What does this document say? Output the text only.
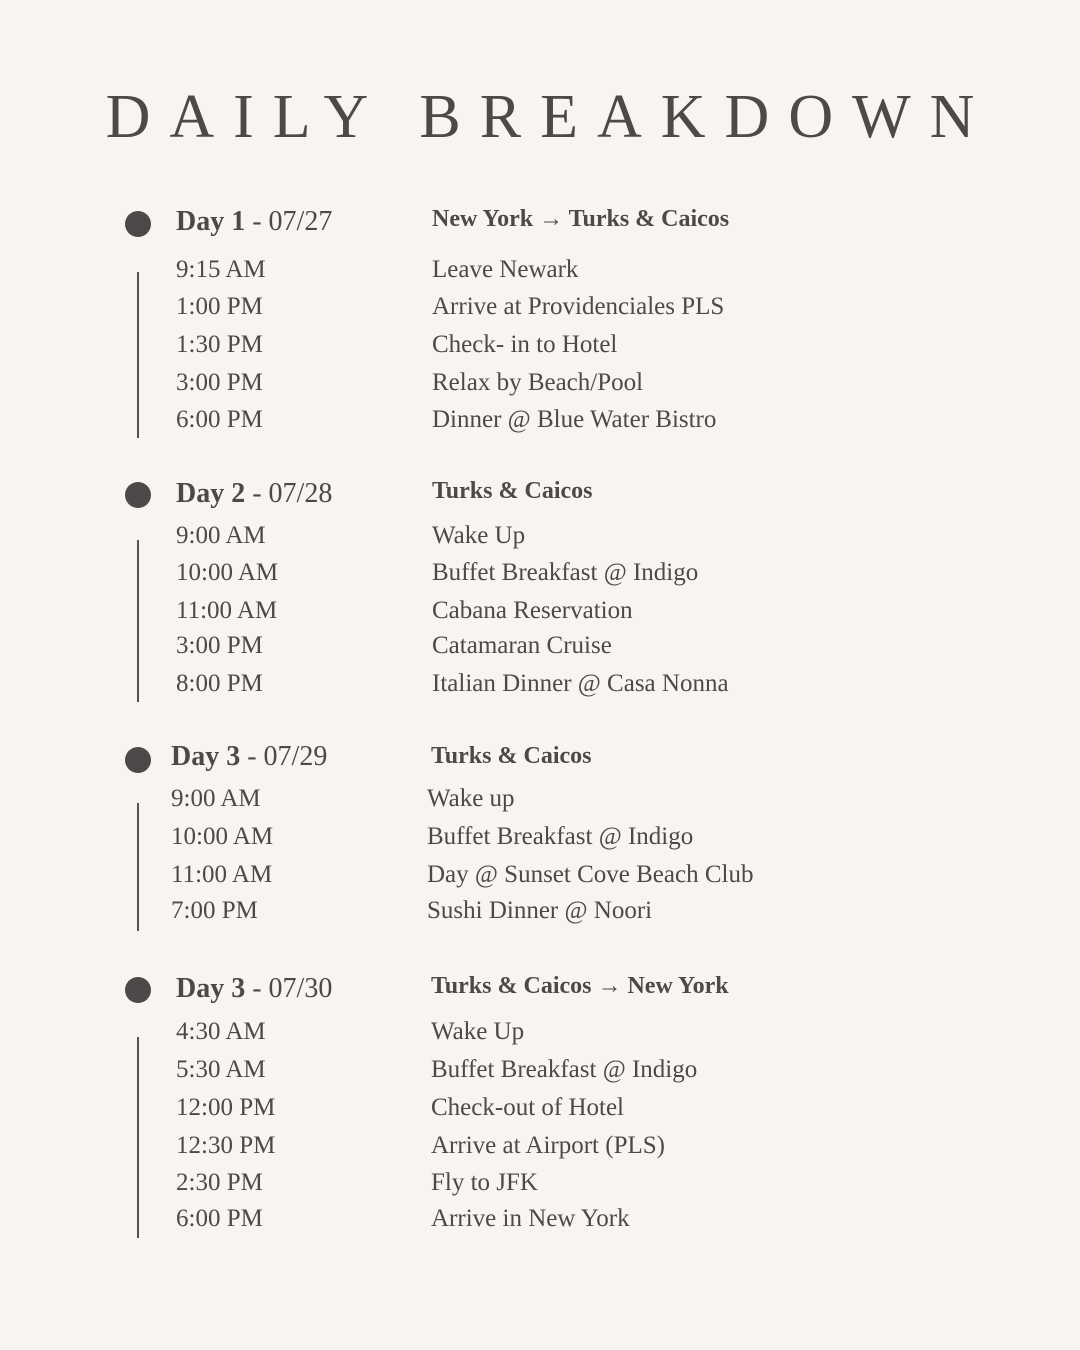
DAILY BREAKDOWN
Day 1 - 07/27	New York → Turks & Caicos
9:15 AM	Leave Newark
1:00 PM	Arrive at Providenciales PLS
1:30 PM	Check- in to Hotel
3:00 PM	Relax by Beach/Pool
6:00 PM	Dinner @ Blue Water Bistro
Day 2 - 07/28	Turks & Caicos
9:00 AM	Wake Up
10:00 AM	Buffet Breakfast @ Indigo
11:00 AM	Cabana Reservation
3:00 PM	Catamaran Cruise
8:00 PM	Italian Dinner @ Casa Nonna
Day 3 - 07/29	Turks & Caicos
9:00 AM	Wake up
10:00 AM	Buffet Breakfast @ Indigo
11:00 AM	Day @ Sunset Cove Beach Club
7:00 PM	Sushi Dinner @ Noori
Day 3 - 07/30	Turks & Caicos → New York
4:30 AM	Wake Up
5:30 AM	Buffet Breakfast @ Indigo
12:00 PM	Check-out of Hotel
12:30 PM	Arrive at Airport (PLS)
2:30 PM	Fly to JFK
6:00 PM	Arrive in New York
